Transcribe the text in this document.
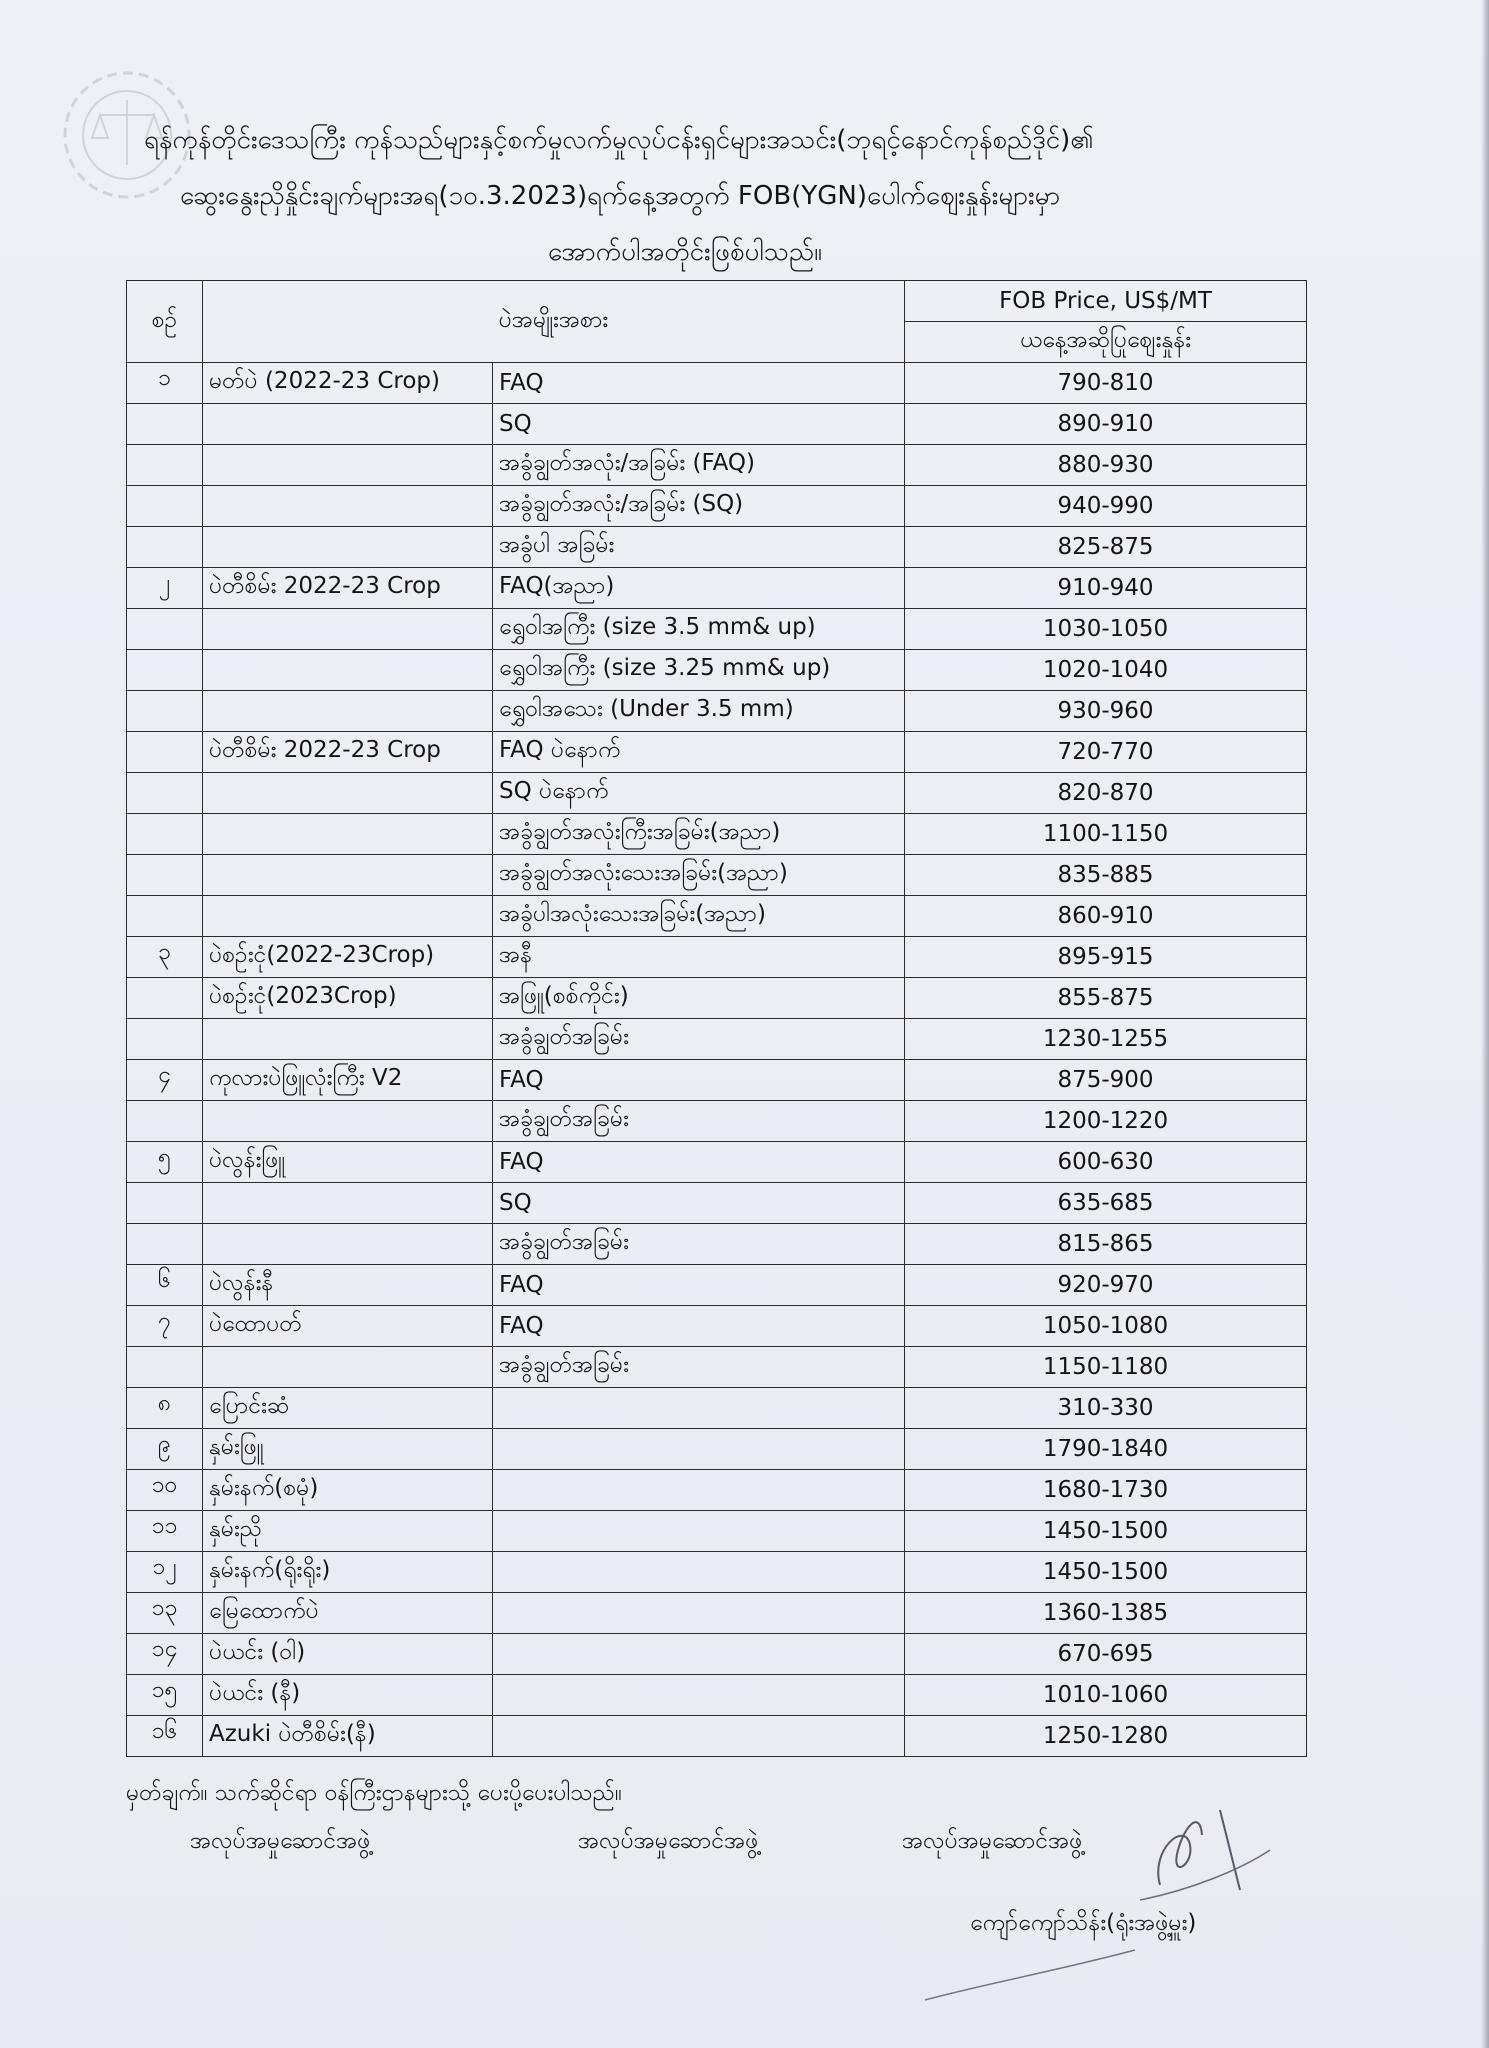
ရန်ကုန်တိုင်းဒေသကြီး ကုန်သည်များနှင့်စက်မှုလက်မှုလုပ်ငန်းရှင်များအသင်း(ဘုရင့်နောင်ကုန်စည်ဒိုင်)၏
ဆွေးနွေးညှိနှိုင်းချက်များအရ(၁၀.3.2023)ရက်နေ့အတွက် FOB(YGN)ပေါက်ဈေးနှုန်းများမှာ
အောက်ပါအတိုင်းဖြစ်ပါသည်။
စဉ်	ပဲအမျိုးအစား		FOB Price, US$/MT
			ယနေ့အဆိုပြုဈေးနှုန်း
၁	မတ်ပဲ (2022-23 Crop)	FAQ	790-810
		SQ	890-910
		အခွံချွတ်အလုံး/အခြမ်း (FAQ)	880-930
		အခွံချွတ်အလုံး/အခြမ်း (SQ)	940-990
		အခွံပါ အခြမ်း	825-875
၂	ပဲတီစိမ်း 2022-23 Crop	FAQ(အညာ)	910-940
		ရွှေဝါအကြီး (size 3.5 mm& up)	1030-1050
		ရွှေဝါအကြီး (size 3.25 mm& up)	1020-1040
		ရွှေဝါအသေး (Under 3.5 mm)	930-960
	ပဲတီစိမ်း 2022-23 Crop	FAQ ပဲနောက်	720-770
		SQ ပဲနောက်	820-870
		အခွံချွတ်အလုံးကြီးအခြမ်း(အညာ)	1100-1150
		အခွံချွတ်အလုံးသေးအခြမ်း(အညာ)	835-885
		အခွံပါအလုံးသေးအခြမ်း(အညာ)	860-910
၃	ပဲစဉ်းငုံ(2022-23Crop)	အနီ	895-915
	ပဲစဉ်းငုံ(2023Crop)	အဖြူ(စစ်ကိုင်း)	855-875
		အခွံချွတ်အခြမ်း	1230-1255
၄	ကုလားပဲဖြူလုံးကြီး V2	FAQ	875-900
		အခွံချွတ်အခြမ်း	1200-1220
၅	ပဲလွန်းဖြူ	FAQ	600-630
		SQ	635-685
		အခွံချွတ်အခြမ်း	815-865
၆	ပဲလွန်းနီ	FAQ	920-970
၇	ပဲထောပတ်	FAQ	1050-1080
		အခွံချွတ်အခြမ်း	1150-1180
၈	ပြောင်းဆံ		310-330
၉	နှမ်းဖြူ		1790-1840
၁၀	နှမ်းနက်(စမုံ)		1680-1730
၁၁	နှမ်းညို		1450-1500
၁၂	နှမ်းနက်(ရိုးရိုး)		1450-1500
၁၃	မြေထောက်ပဲ		1360-1385
၁၄	ပဲယင်း (ဝါ)		670-695
၁၅	ပဲယင်း (နီ)		1010-1060
၁၆	Azuki ပဲတီစိမ်း(နီ)		1250-1280
မှတ်ချက်။ သက်ဆိုင်ရာ ဝန်ကြီးဌာနများသို့ ပေးပို့ပေးပါသည်။
အလုပ်အမှုဆောင်အဖွဲ့	အလုပ်အမှုဆောင်အဖွဲ့	အလုပ်အမှုဆောင်အဖွဲ့
ကျော်ကျော်သိန်း(ရုံးအဖွဲ့မှူး)
